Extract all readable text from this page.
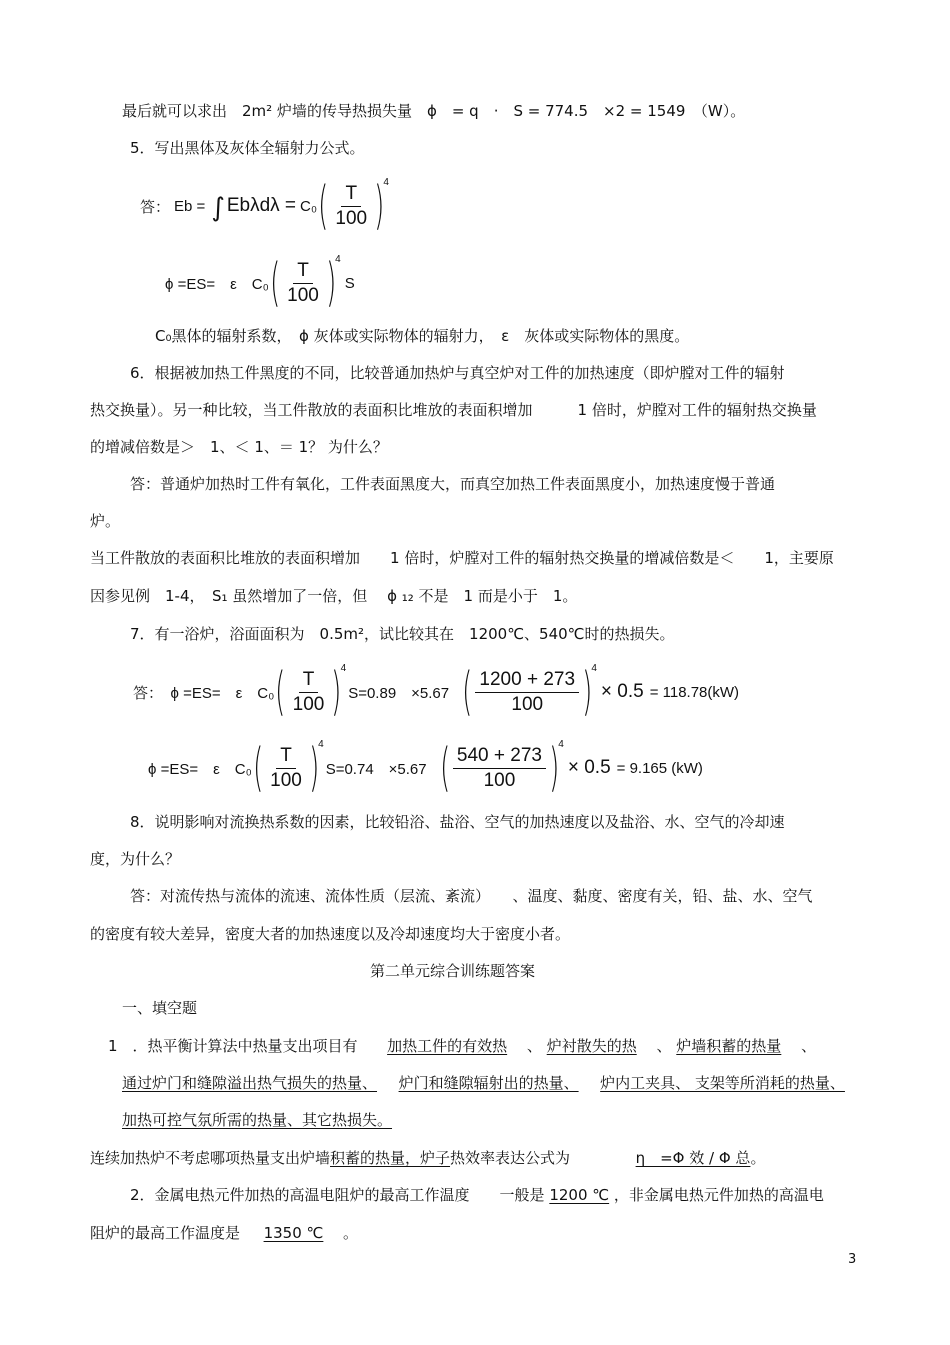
最后就可以求出　2m² 炉墙的传导热损失量　ϕ　= q　·　S = 774.5　×2 = 1549　（W）。
5．写出黑体及灰体全辐射力公式。
答： Eb = ∫ Ebλdλ = C₀ ( $\frac{T}{100}$ ) 4
ϕ =ES=　ε　C₀ ( $\frac{T}{100}$ ) 4
S
C₀黑体的辐射系数，　ϕ 灰体或实际物体的辐射力，　ε　灰体或实际物体的黑度。
6．根据被加热工件黑度的不同，比较普通加热炉与真空炉对工件的加热速度（即炉膛对工件的辐射
热交换量）。另一种比较，当工件散放的表面积比堆放的表面积增加　　　1 倍时，炉膛对工件的辐射热交换量
的增减倍数是＞　1、＜ 1、＝ 1？ 为什么？
答：普通炉加热时工件有氧化，工件表面黑度大，而真空加热工件表面黑度小，加热速度慢于普通
炉。
当工件散放的表面积比堆放的表面积增加　　1 倍时，炉膛对工件的辐射热交换量的增减倍数是＜　　1，主要原
因参见例　1-4，　S₁ 虽然增加了一倍，但　 ϕ ₁₂ 不是　1 而是小于　1。
7．有一浴炉，浴面面积为　0.5m²，试比较其在　1200℃、540℃时的热损失。
答：　ϕ =ES=　ε　C₀ ( $\frac{T}{100}$ ) 4
S=0.89　×5.67 ( $\frac{1200 + 273}{100}$ ) 4
× 0.5 = 118.78(kW)
ϕ =ES=　ε　C₀ ( $\frac{T}{100}$ ) 4
S=0.74　×5.67 ( $\frac{540 + 273}{100}$ ) 4
× 0.5 = 9.165 (kW)
8．说明影响对流换热系数的因素，比较铅浴、盐浴、空气的加热速度以及盐浴、水、空气的冷却速
度，为什么？
答：对流传热与流体的流速、流体性质（层流、紊流）　　、温度、黏度、密度有关，铅、盐、水、空气
的密度有较大差异，密度大者的加热速度以及冷却速度均大于密度小者。
第二单元综合训练题答案
一、填空题
1　．热平衡计算法中热量支出项目有 加热工件的有效热 　、 炉衬散失的热 　、 炉墙积蓄的热量 　、
通过炉门和缝隙溢出热气损失的热量、 炉门和缝隙辐射出的热量、 炉内工夹具、 支架等所消耗的热量、
加热可控气氛所需的热量、其它热损失。
连续加热炉不考虑哪项热量支出炉墙积蓄的热量，炉子热效率表达公式为	η　=Φ 效 / Φ 总。
2．金属电热元件加热的高温电阻炉的最高工作温度　　一般是 1200 ℃ ，非金属电热元件加热的高温电
阻炉的最高工作温度是 1350 ℃ 。
3
